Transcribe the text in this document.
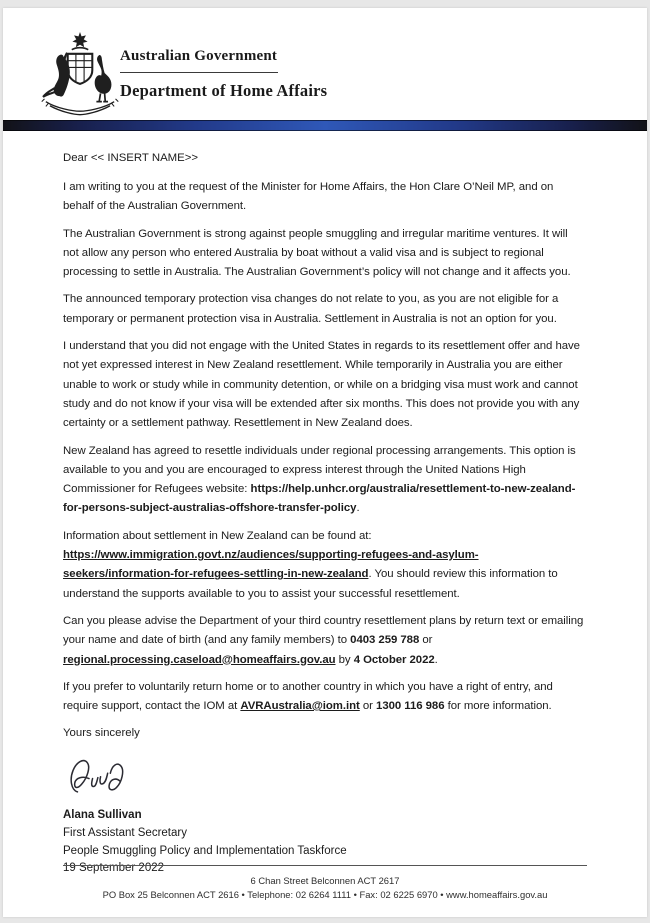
Australian Government
Department of Home Affairs

Dear << INSERT NAME>>

I am writing to you at the request of the Minister for Home Affairs, the Hon Clare O’Neil MP, and on behalf of the Australian Government.

The Australian Government is strong against people smuggling and irregular maritime ventures. It will not allow any person who entered Australia by boat without a valid visa and is subject to regional processing to settle in Australia. The Australian Government’s policy will not change and it affects you.

The announced temporary protection visa changes do not relate to you, as you are not eligible for a temporary or permanent protection visa in Australia. Settlement in Australia is not an option for you.

I understand that you did not engage with the United States in regards to its resettlement offer and have not yet expressed interest in New Zealand resettlement. While temporarily in Australia you are either unable to work or study while in community detention, or while on a bridging visa must work and cannot study and do not know if your visa will be extended after six months. This does not provide you with any certainty or a settlement pathway. Resettlement in New Zealand does.

New Zealand has agreed to resettle individuals under regional processing arrangements. This option is available to you and you are encouraged to express interest through the United Nations High Commissioner for Refugees website: https://help.unhcr.org/australia/resettlement-to-new-zealand-for-persons-subject-australias-offshore-transfer-policy.

Information about settlement in New Zealand can be found at:
https://www.immigration.govt.nz/audiences/supporting-refugees-and-asylum-seekers/information-for-refugees-settling-in-new-zealand. You should review this information to understand the supports available to you to assist your successful resettlement.

Can you please advise the Department of your third country resettlement plans by return text or emailing your name and date of birth (and any family members) to 0403 259 788 or regional.processing.caseload@homeaffairs.gov.au by 4 October 2022.

If you prefer to voluntarily return home or to another country in which you have a right of entry, and require support, contact the IOM at AVRAustralia@iom.int or 1300 116 986 for more information.

Yours sincerely

Alana Sullivan
First Assistant Secretary
People Smuggling Policy and Implementation Taskforce
19 September 2022
6 Chan Street Belconnen ACT 2617
PO Box 25 Belconnen ACT 2616 • Telephone: 02 6264 1111 • Fax: 02 6225 6970 • www.homeaffairs.gov.au
